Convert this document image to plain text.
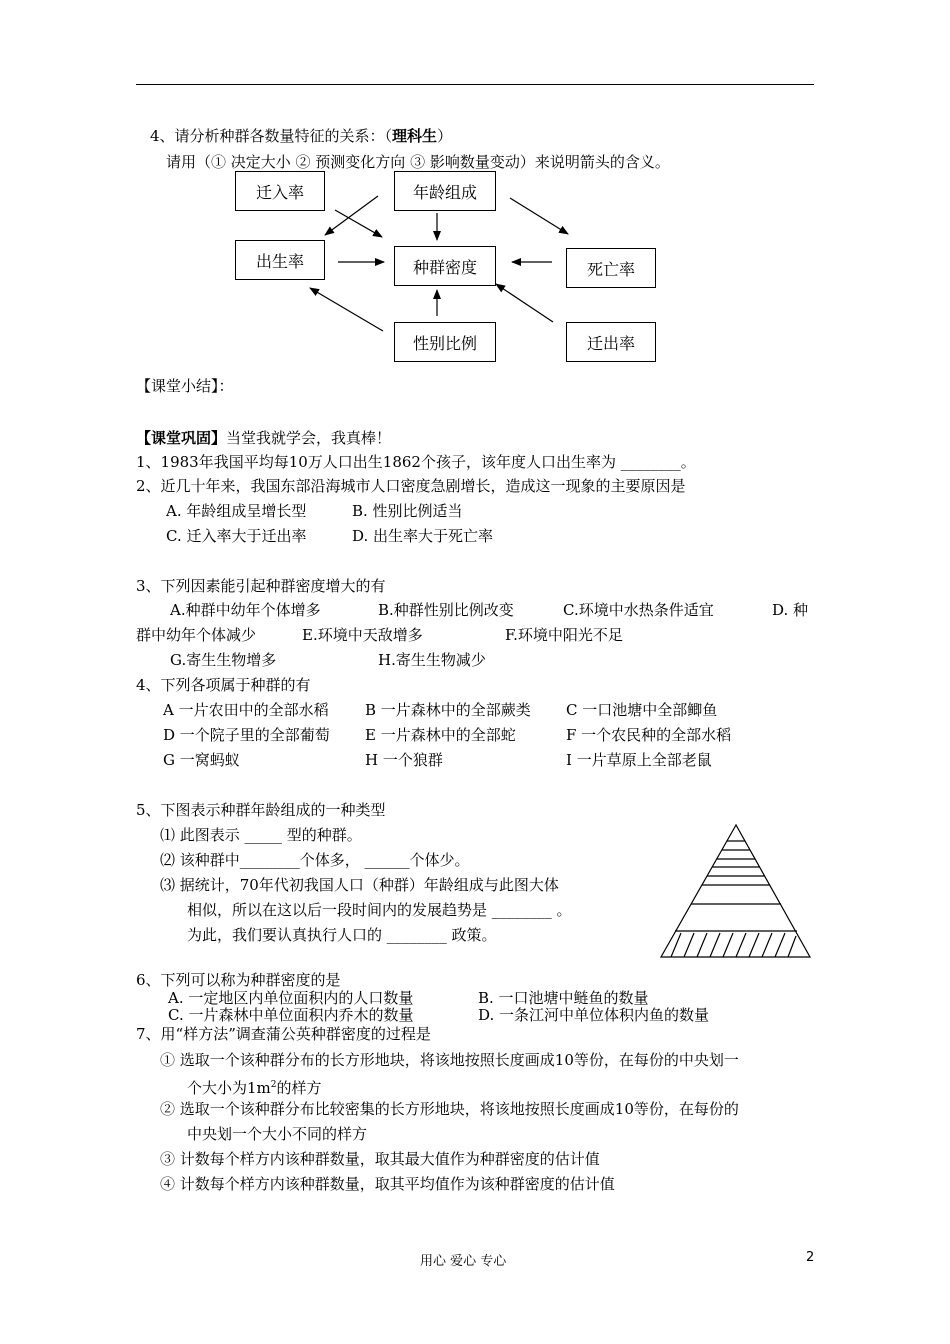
4、请分析种群各数量特征的关系：（理科生）
请用（① 决定大小 ② 预测变化方向 ③ 影响数量变动）来说明箭头的含义。
迁入率	年龄组成
出生率	种群密度	死亡率
性别比例	迁出率
【课堂小结】：
【课堂巩固】当堂我就学会，我真棒！
1、1983年我国平均每10万人口出生1862个孩子，该年度人口出生率为 ________。
2、近几十年来，我国东部沿海城市人口密度急剧增长，造成这一现象的主要原因是
A. 年龄组成呈增长型	B. 性别比例适当
C. 迁入率大于迁出率	D. 出生率大于死亡率
3、下列因素能引起种群密度增大的有
A.种群中幼年个体增多	B.种群性别比例改变	C.环境中水热条件适宜	D. 种
群中幼年个体减少	E.环境中天敌增多	F.环境中阳光不足
G.寄生生物增多	H.寄生生物减少
4、下列各项属于种群的有
A 一片农田中的全部水稻 B 一片森林中的全部蕨类 C 一口池塘中全部鲫鱼
D 一个院子里的全部葡萄 E 一片森林中的全部蛇	F 一个农民种的全部水稻
G 一窝蚂蚁	H 一个狼群	I 一片草原上全部老鼠
5、下图表示种群年龄组成的一种类型
⑴ 此图表示 _____ 型的种群。
⑵ 该种群中________个体多， ______个体少。
⑶ 据统计，70年代初我国人口（种群）年龄组成与此图大体
相似，所以在这以后一段时间内的发展趋势是 ________ 。
为此，我们要认真执行人口的 ________ 政策。
6、下列可以称为种群密度的是
A. 一定地区内单位面积内的人口数量	B. 一口池塘中鲢鱼的数量
C. 一片森林中单位面积内乔木的数量	D. 一条江河中单位体积内鱼的数量
7、用“样方法”调查蒲公英种群密度的过程是
① 选取一个该种群分布的长方形地块，将该地按照长度画成10等份，在每份的中央划一
个大小为$1m^2$的样方
② 选取一个该种群分布比较密集的长方形地块，将该地按照长度画成10等份，在每份的
中央划一个大小不同的样方
③ 计数每个样方内该种群数量，取其最大值作为种群密度的估计值
④ 计数每个样方内该种群数量，取其平均值作为该种群密度的估计值
用心 爱心 专心	2
